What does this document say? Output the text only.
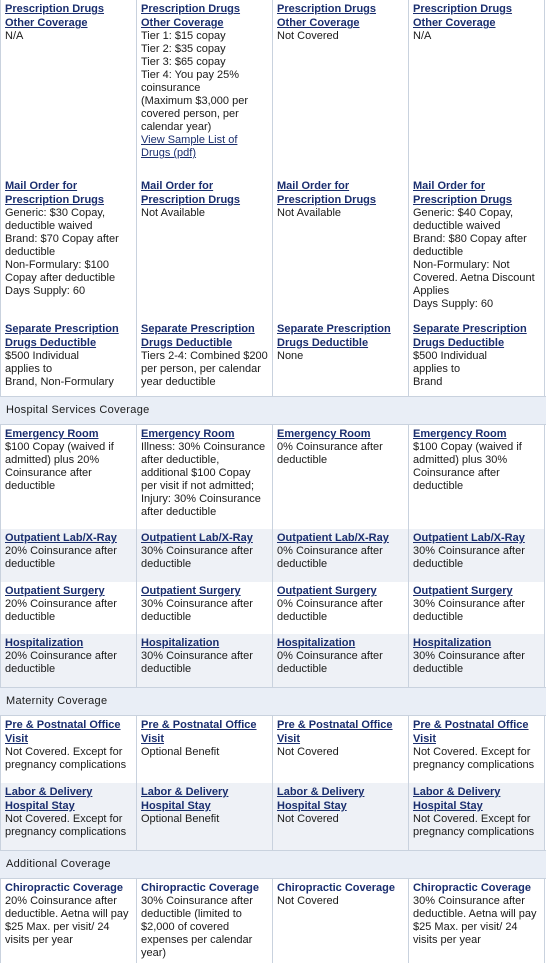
Prescription Drugs Other Coverage
N/A
Prescription Drugs Other Coverage
Tier 1: $15 copay
Tier 2: $35 copay
Tier 3: $65 copay
Tier 4: You pay 25% coinsurance
(Maximum $3,000 per covered person, per calendar year)
View Sample List of Drugs (pdf)
Prescription Drugs Other Coverage
Not Covered
Prescription Drugs Other Coverage
N/A
Mail Order for Prescription Drugs
Generic: $30 Copay, deductible waived
Brand: $70 Copay after deductible
Non-Formulary: $100 Copay after deductible
Days Supply: 60
Mail Order for Prescription Drugs
Not Available
Mail Order for Prescription Drugs
Not Available
Mail Order for Prescription Drugs
Generic: $40 Copay, deductible waived
Brand: $80 Copay after deductible
Non-Formulary: Not Covered. Aetna Discount Applies
Days Supply: 60
Separate Prescription Drugs Deductible
$500 Individual
applies to
Brand, Non-Formulary
Separate Prescription Drugs Deductible
Tiers 2-4: Combined $200 per person, per calendar year deductible
Separate Prescription Drugs Deductible
None
Separate Prescription Drugs Deductible
$500 Individual
applies to
Brand
Hospital Services Coverage
Emergency Room
$100 Copay (waived if admitted) plus 20% Coinsurance after deductible
Emergency Room
Illness: 30% Coinsurance after deductible, additional $100 Copay per visit if not admitted; Injury: 30% Coinsurance after deductible
Emergency Room
0% Coinsurance after deductible
Emergency Room
$100 Copay (waived if admitted) plus 30% Coinsurance after deductible
Outpatient Lab/X-Ray
20% Coinsurance after deductible
Outpatient Lab/X-Ray
30% Coinsurance after deductible
Outpatient Lab/X-Ray
0% Coinsurance after deductible
Outpatient Lab/X-Ray
30% Coinsurance after deductible
Outpatient Surgery
20% Coinsurance after deductible
Outpatient Surgery
30% Coinsurance after deductible
Outpatient Surgery
0% Coinsurance after deductible
Outpatient Surgery
30% Coinsurance after deductible
Hospitalization
20% Coinsurance after deductible
Hospitalization
30% Coinsurance after deductible
Hospitalization
0% Coinsurance after deductible
Hospitalization
30% Coinsurance after deductible
Maternity Coverage
Pre & Postnatal Office Visit
Not Covered. Except for pregnancy complications
Pre & Postnatal Office Visit
Optional Benefit
Pre & Postnatal Office Visit
Not Covered
Pre & Postnatal Office Visit
Not Covered. Except for pregnancy complications
Labor & Delivery Hospital Stay
Not Covered. Except for pregnancy complications
Labor & Delivery Hospital Stay
Optional Benefit
Labor & Delivery Hospital Stay
Not Covered
Labor & Delivery Hospital Stay
Not Covered. Except for pregnancy complications
Additional Coverage
Chiropractic Coverage
20% Coinsurance after deductible. Aetna will pay $25 Max. per visit/ 24 visits per year
Chiropractic Coverage
30% Coinsurance after deductible (limited to $2,000 of covered expenses per calendar year)
Chiropractic Coverage
Not Covered
Chiropractic Coverage
30% Coinsurance after deductible. Aetna will pay $25 Max. per visit/ 24 visits per year
